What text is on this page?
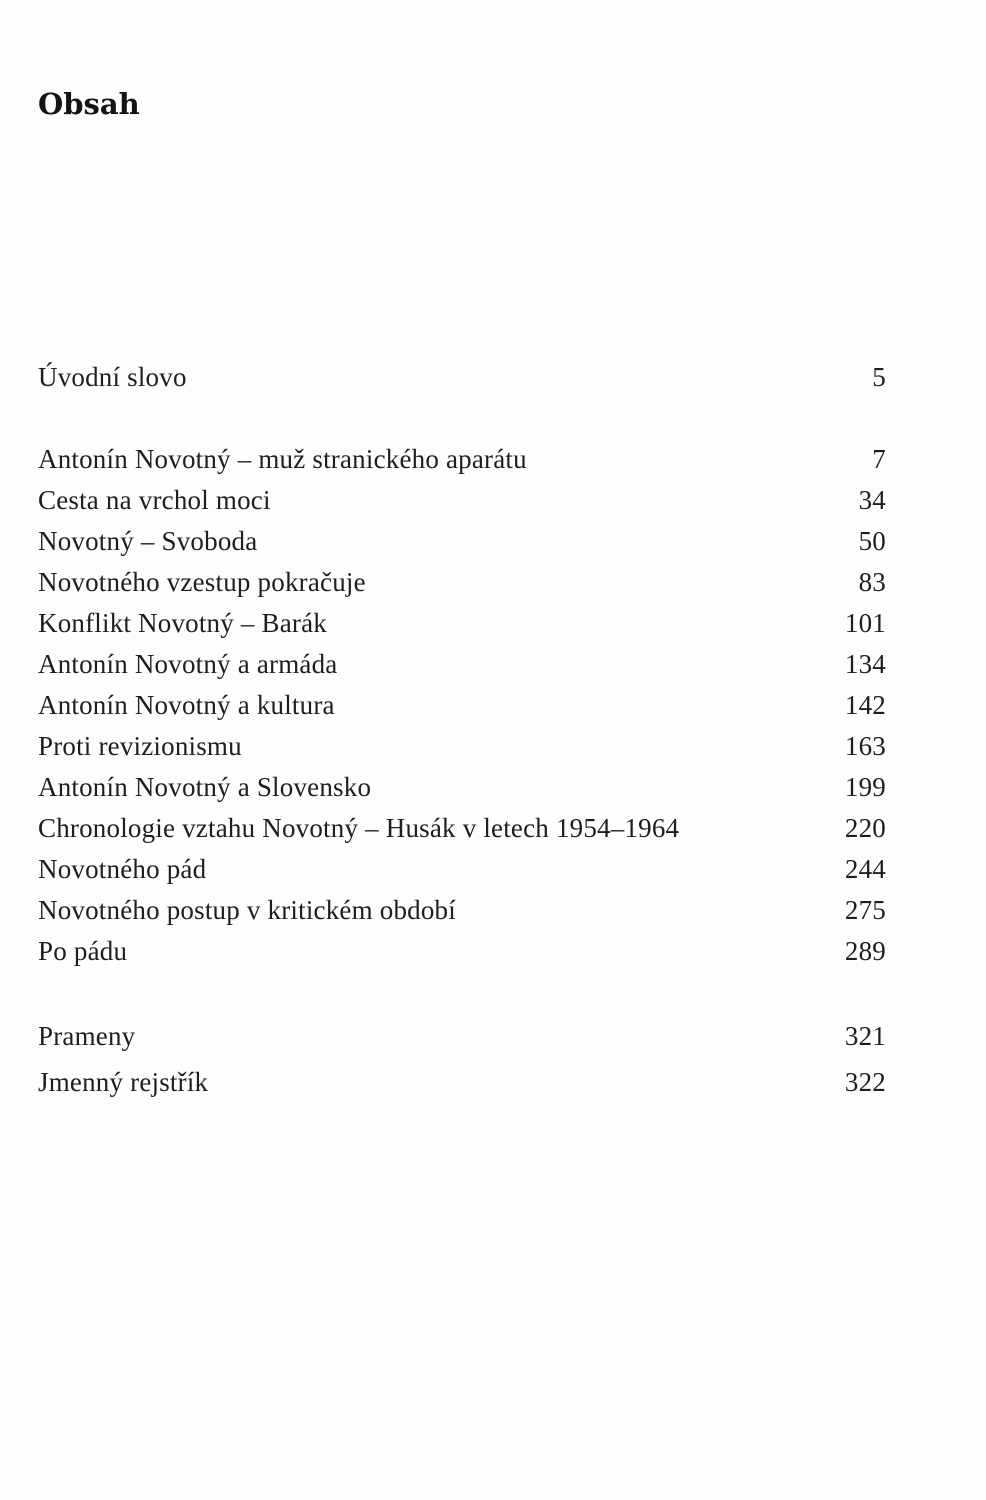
Obsah
Úvodní slovo	5
Antonín Novotný – muž stranického aparátu	7
Cesta na vrchol moci	34
Novotný – Svoboda	50
Novotného vzestup pokračuje	83
Konflikt Novotný – Barák	101
Antonín Novotný a armáda	134
Antonín Novotný a kultura	142
Proti revizionismu	163
Antonín Novotný a Slovensko	199
Chronologie vztahu Novotný – Husák v letech 1954–1964	220
Novotného pád	244
Novotného postup v kritickém období	275
Po pádu	289
Prameny	321
Jmenný rejstřík	322
